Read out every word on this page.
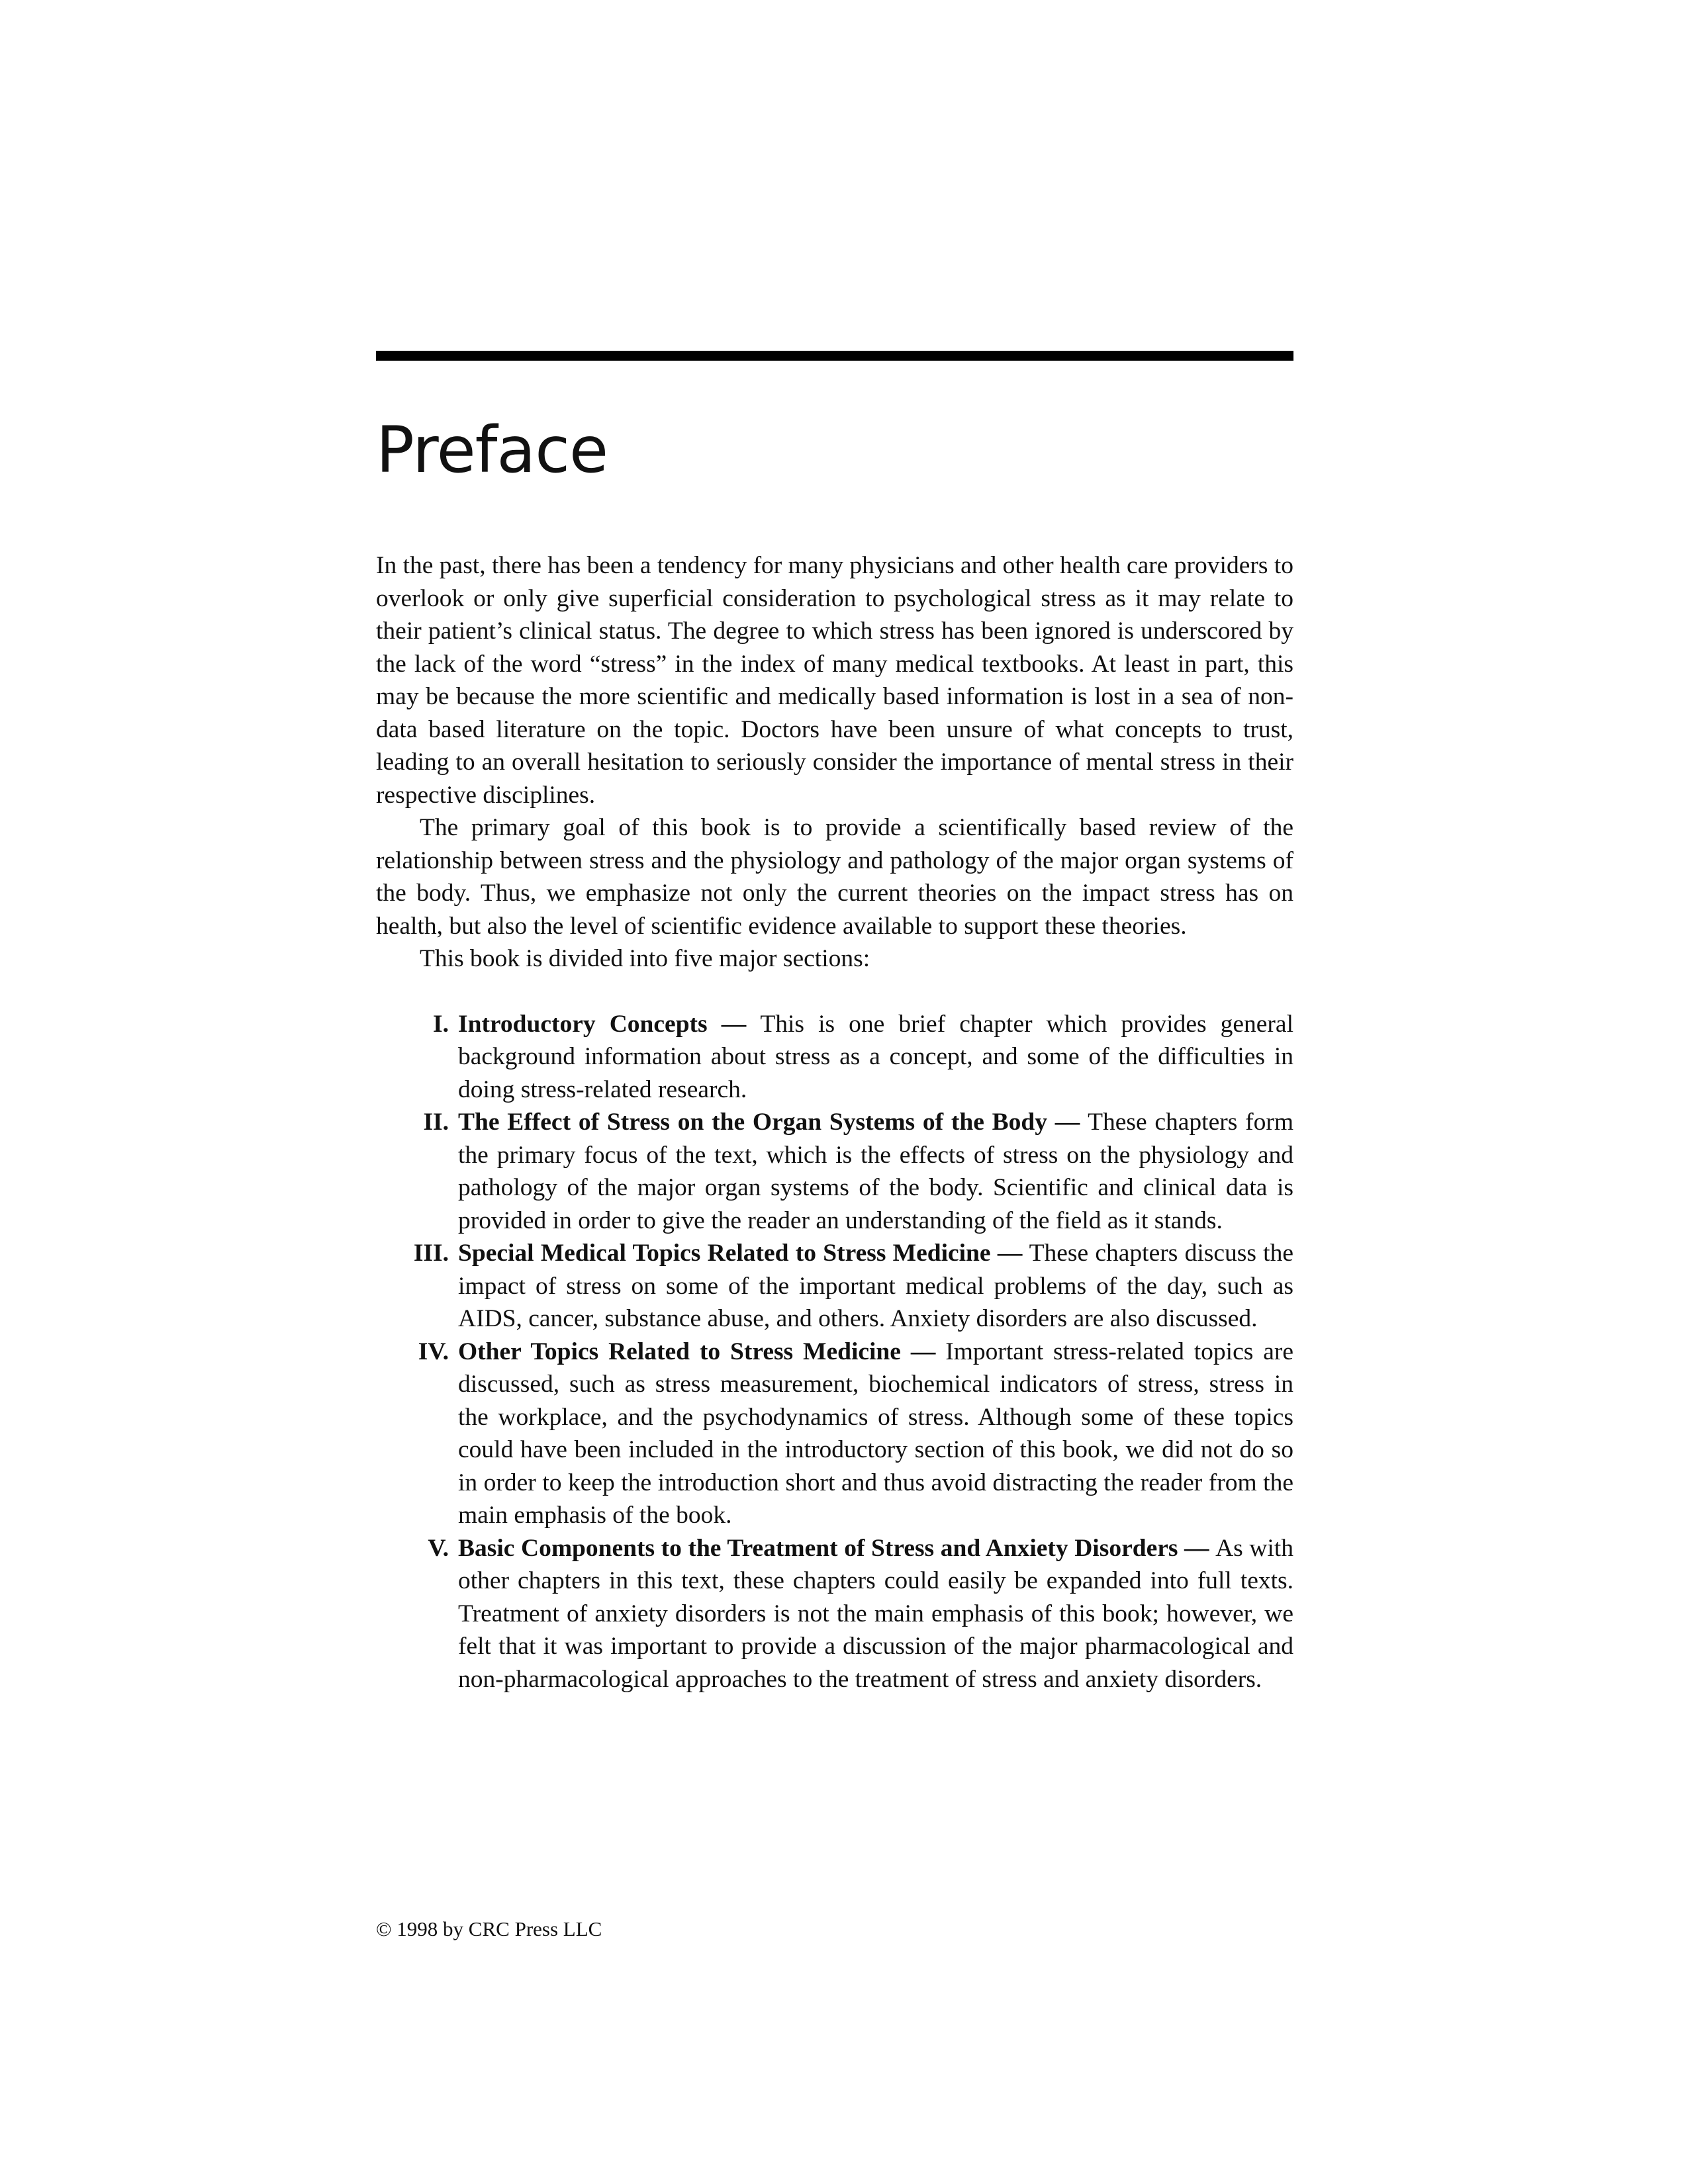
Preface

In the past, there has been a tendency for many physicians and other health care providers to overlook or only give superficial consideration to psychological stress as it may relate to their patient’s clinical status. The degree to which stress has been ignored is underscored by the lack of the word “stress” in the index of many medical textbooks. At least in part, this may be because the more scientific and medically based information is lost in a sea of non-data based literature on the topic. Doctors have been unsure of what concepts to trust, leading to an overall hesitation to seriously consider the importance of mental stress in their respective disciplines.

The primary goal of this book is to provide a scientifically based review of the relationship between stress and the physiology and pathology of the major organ systems of the body. Thus, we emphasize not only the current theories on the impact stress has on health, but also the level of scientific evidence available to support these theories.

This book is divided into five major sections:

I. Introductory Concepts — This is one brief chapter which provides general background information about stress as a concept, and some of the difficulties in doing stress-related research.
II. The Effect of Stress on the Organ Systems of the Body — These chapters form the primary focus of the text, which is the effects of stress on the physiology and pathology of the major organ systems of the body. Scientific and clinical data is provided in order to give the reader an understanding of the field as it stands.
III. Special Medical Topics Related to Stress Medicine — These chapters discuss the impact of stress on some of the important medical problems of the day, such as AIDS, cancer, substance abuse, and others. Anxiety disorders are also discussed.
IV. Other Topics Related to Stress Medicine — Important stress-related topics are discussed, such as stress measurement, biochemical indicators of stress, stress in the workplace, and the psychodynamics of stress. Although some of these topics could have been included in the introductory section of this book, we did not do so in order to keep the introduction short and thus avoid distracting the reader from the main emphasis of the book.
V. Basic Components to the Treatment of Stress and Anxiety Disorders — As with other chapters in this text, these chapters could easily be expanded into full texts. Treatment of anxiety disorders is not the main emphasis of this book; however, we felt that it was important to provide a discussion of the major pharmacological and non-pharmacological approaches to the treatment of stress and anxiety disorders.
© 1998 by CRC Press LLC
